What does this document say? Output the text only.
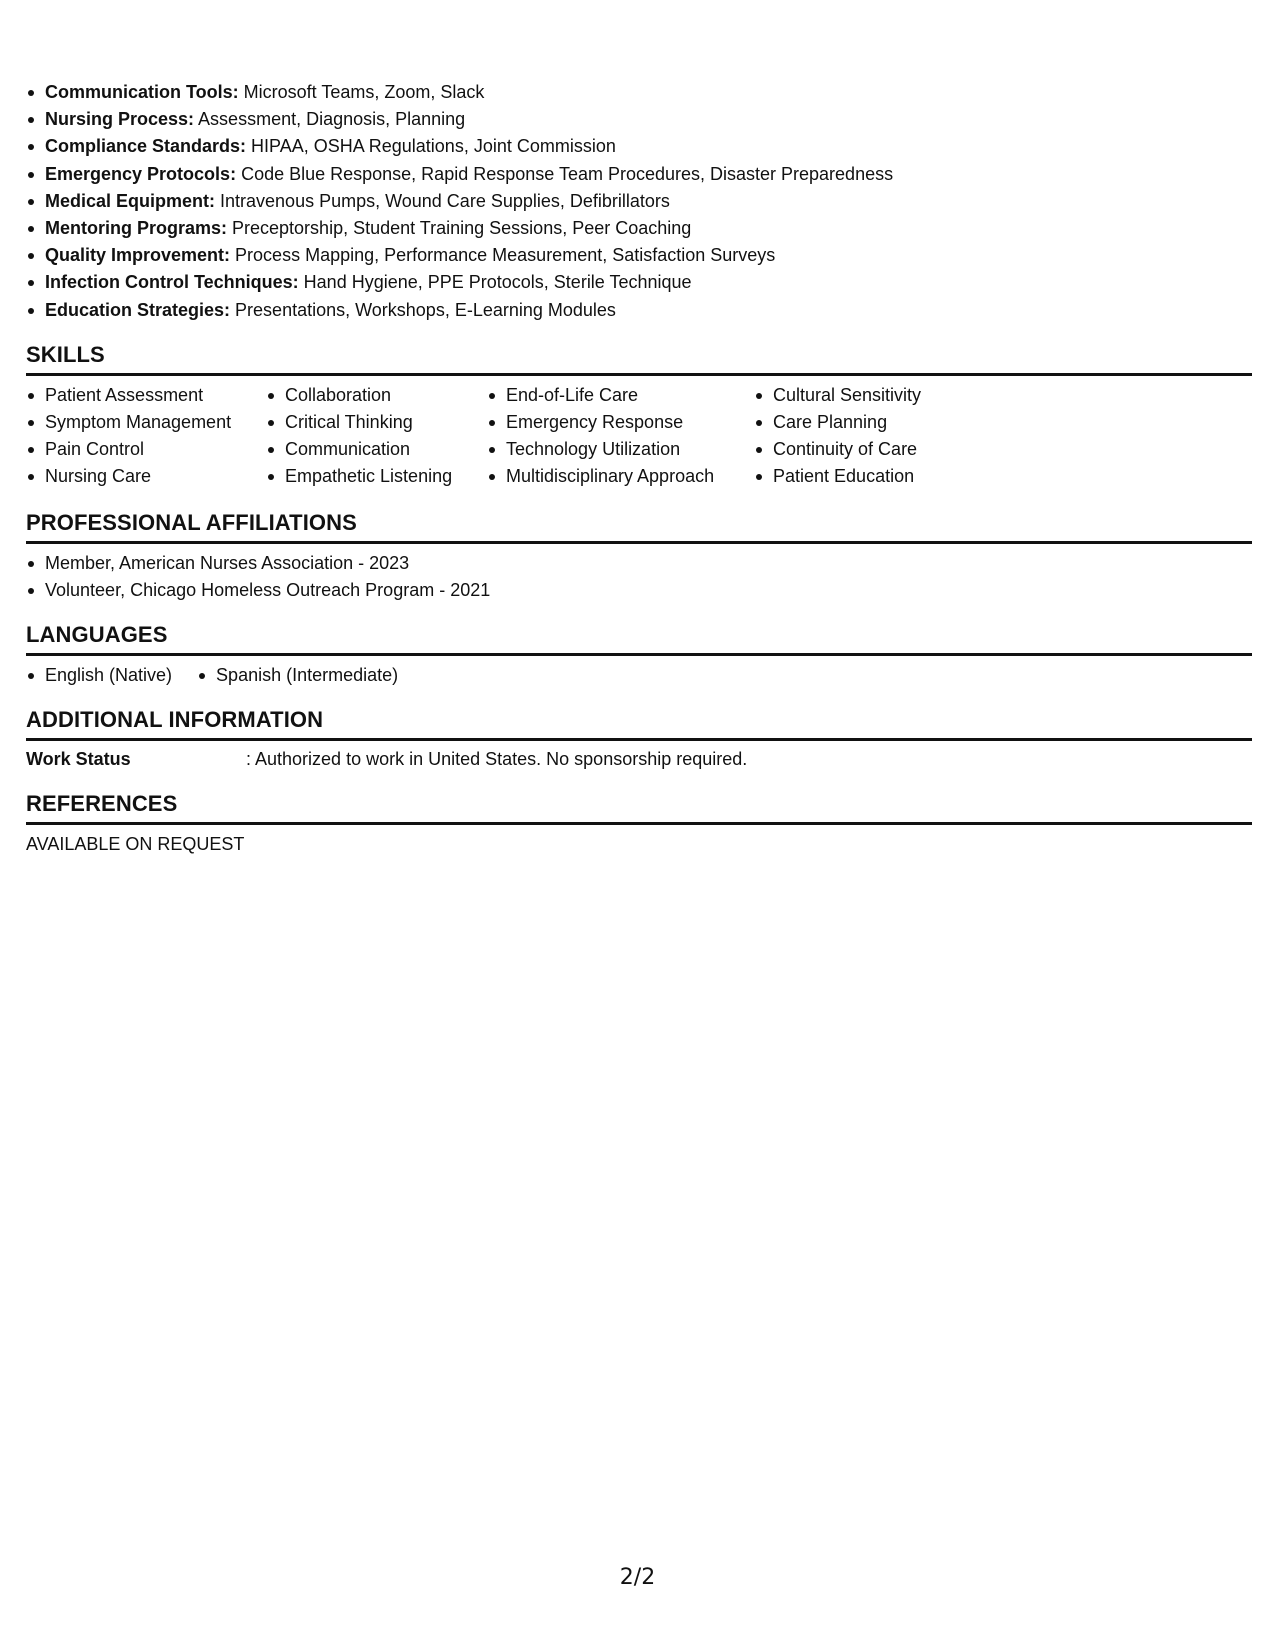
Communication Tools: Microsoft Teams, Zoom, Slack
Nursing Process: Assessment, Diagnosis, Planning
Compliance Standards: HIPAA, OSHA Regulations, Joint Commission
Emergency Protocols: Code Blue Response, Rapid Response Team Procedures, Disaster Preparedness
Medical Equipment: Intravenous Pumps, Wound Care Supplies, Defibrillators
Mentoring Programs: Preceptorship, Student Training Sessions, Peer Coaching
Quality Improvement: Process Mapping, Performance Measurement, Satisfaction Surveys
Infection Control Techniques: Hand Hygiene, PPE Protocols, Sterile Technique
Education Strategies: Presentations, Workshops, E-Learning Modules
SKILLS
Patient Assessment
Symptom Management
Pain Control
Nursing Care
Collaboration
Critical Thinking
Communication
Empathetic Listening
End-of-Life Care
Emergency Response
Technology Utilization
Multidisciplinary Approach
Cultural Sensitivity
Care Planning
Continuity of Care
Patient Education
PROFESSIONAL AFFILIATIONS
Member, American Nurses Association - 2023
Volunteer, Chicago Homeless Outreach Program - 2021
LANGUAGES
English (Native)	Spanish (Intermediate)
ADDITIONAL INFORMATION
Work Status	: Authorized to work in United States. No sponsorship required.
REFERENCES
AVAILABLE ON REQUEST
2/2
